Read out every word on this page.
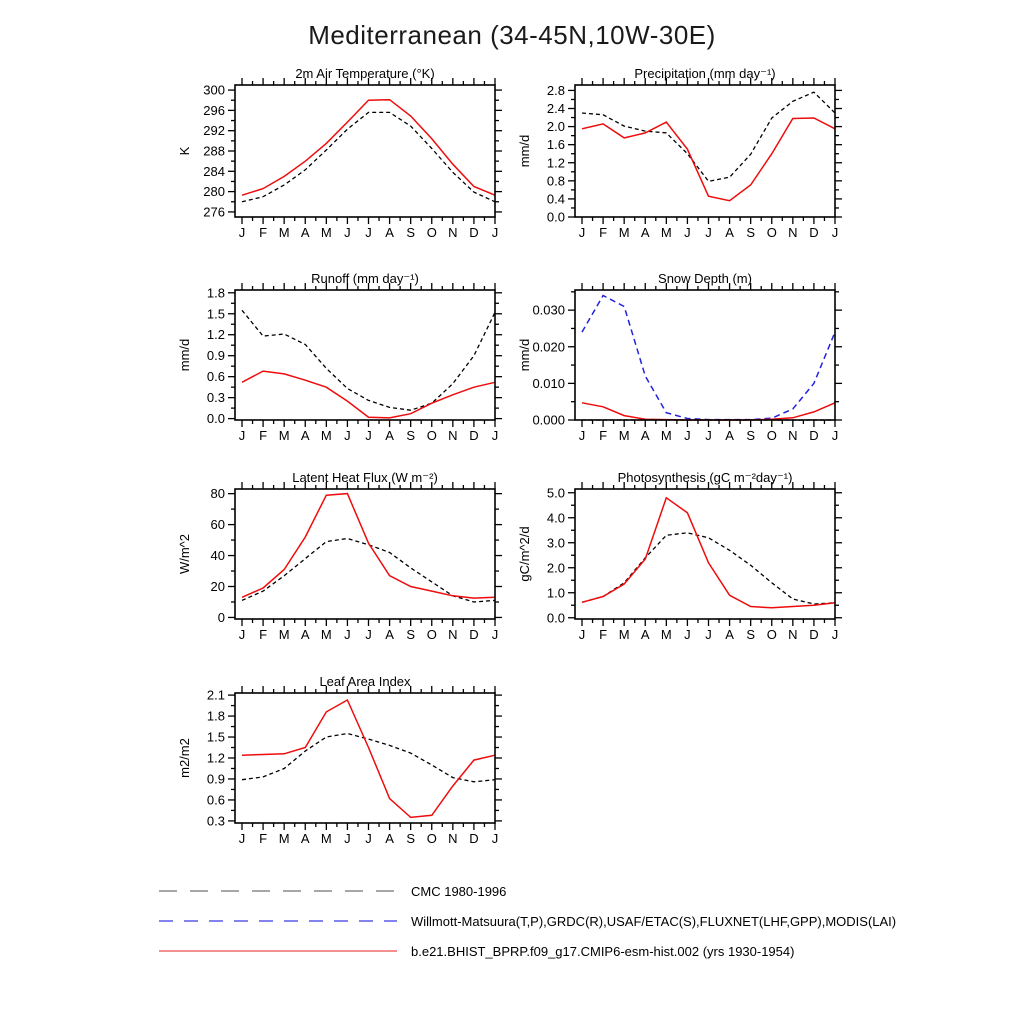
Mediterranean (34-45N,10W-30E)
276
280
284
288
292
296
300
J F M A M J J A S O N D J
2m Air Temperature (°K)
K
0.0
0.4
0.8
1.2
1.6
2.0
2.4
2.8
J F M A M J J A S O N D J
Precipitation (mm day⁻¹)
mm/d
0.0
0.3
0.6
0.9
1.2
1.5
1.8
J F M A M J J A S O N D J
Runoff (mm day⁻¹)
mm/d
0.000
0.010
0.020
0.030
J F M A M J J A S O N D J
Snow Depth (m)
mm/d
0
20
40
60
80
J F M A M J J A S O N D J
Latent Heat Flux (W m⁻²)
W/m^2
0.0
1.0
2.0
3.0
4.0
5.0
J F M A M J J A S O N D J
Photosynthesis (gC m⁻²day⁻¹)
gC/m^2/d
0.3
0.6
0.9
1.2
1.5
1.8
2.1
J F M A M J J A S O N D J
Leaf Area Index
m2/m2
CMC 1980-1996
Willmott-Matsuura(T,P),GRDC(R),USAF/ETAC(S),FLUXNET(LHF,GPP),MODIS(LAI)
b.e21.BHIST_BPRP.f09_g17.CMIP6-esm-hist.002 (yrs 1930-1954)
